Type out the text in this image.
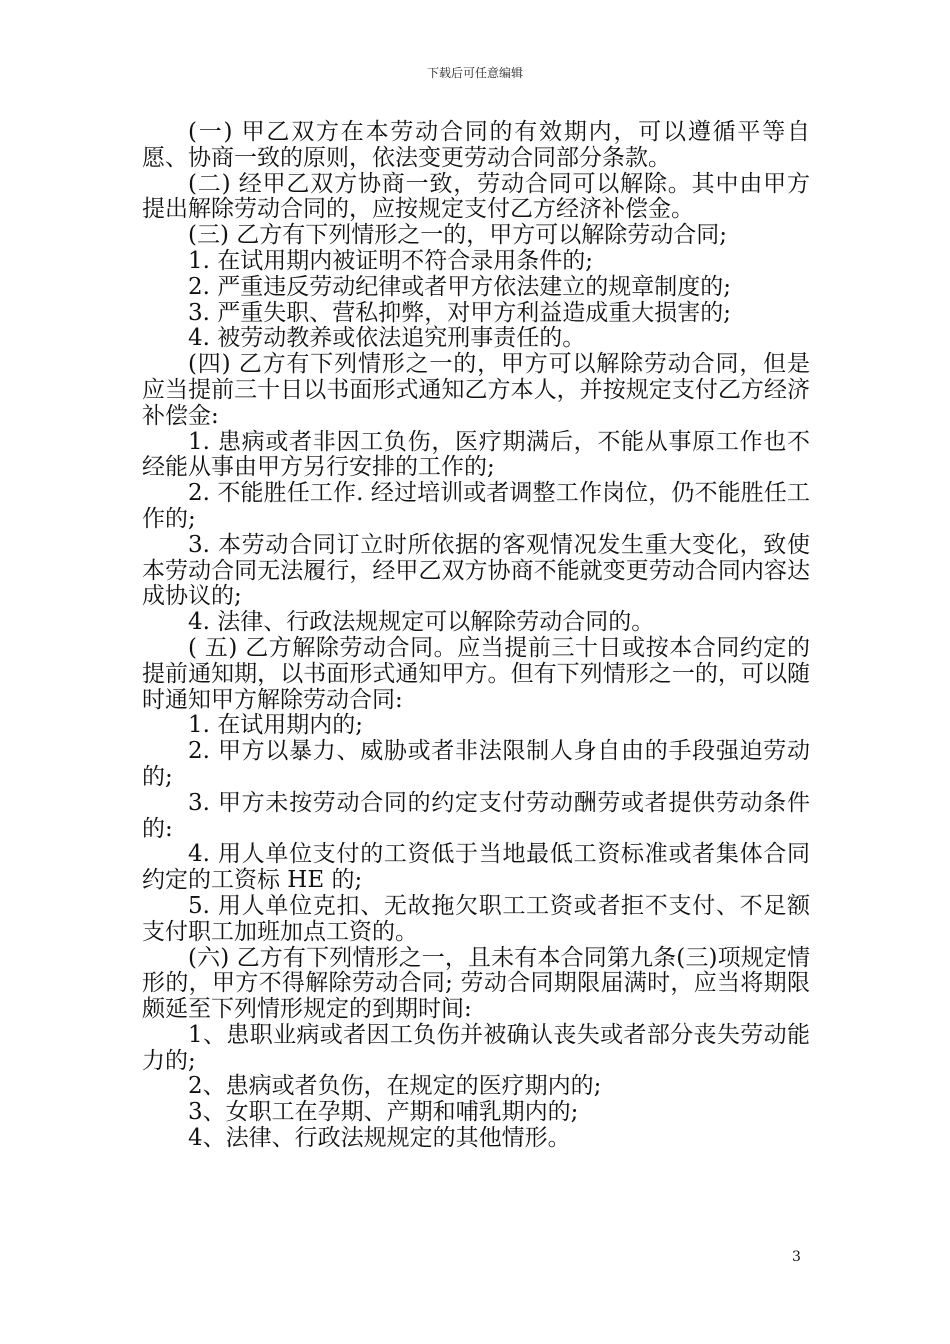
下载后可任意编辑

(一) 甲乙双方在本劳动合同的有效期内，可以遵循平等自愿、协商一致的原则，依法变更劳动合同部分条款。

(二) 经甲乙双方协商一致，劳动合同可以解除。其中由甲方提出解除劳动合同的，应按规定支付乙方经济补偿金。

(三) 乙方有下列情形之一的，甲方可以解除劳动合同;

1. 在试用期内被证明不符合录用条件的;

2. 严重违反劳动纪律或者甲方依法建立的规章制度的;

3. 严重失职、营私抑弊，对甲方利益造成重大损害的;

4. 被劳动教养或依法追究刑事责任的。

(四) 乙方有下列情形之一的，甲方可以解除劳动合同，但是应当提前三十日以书面形式通知乙方本人，并按规定支付乙方经济补偿金:

1. 患病或者非因工负伤，医疗期满后，不能从事原工作也不经能从事由甲方另行安排的工作的;

2. 不能胜任工作. 经过培训或者调整工作岗位，仍不能胜任工作的;

3. 本劳动合同订立时所依据的客观情况发生重大变化，致使本劳动合同无法履行，经甲乙双方协商不能就变更劳动合同内容达成协议的;

4. 法律、行政法规规定可以解除劳动合同的。

( 五) 乙方解除劳动合同。应当提前三十日或按本合同约定的提前通知期，以书面形式通知甲方。但有下列情形之一的，可以随时通知甲方解除劳动合同:

1. 在试用期内的;

2. 甲方以暴力、威胁或者非法限制人身自由的手段强迫劳动的;

3. 甲方未按劳动合同的约定支付劳动酬劳或者提供劳动条件的:

4. 用人单位支付的工资低于当地最低工资标准或者集体合同约定的工资标 HE 的;

5. 用人单位克扣、无故拖欠职工工资或者拒不支付、不足额支付职工加班加点工资的。

(六) 乙方有下列情形之一，且未有本合同第九条(三)项规定情形的，甲方不得解除劳动合同; 劳动合同期限届满时，应当将期限颇延至下列情形规定的到期时间:

1、患职业病或者因工负伤并被确认丧失或者部分丧失劳动能力的;

2、患病或者负伤，在规定的医疗期内的;

3、女职工在孕期、产期和哺乳期内的;

4、法律、行政法规规定的其他情形。

3
